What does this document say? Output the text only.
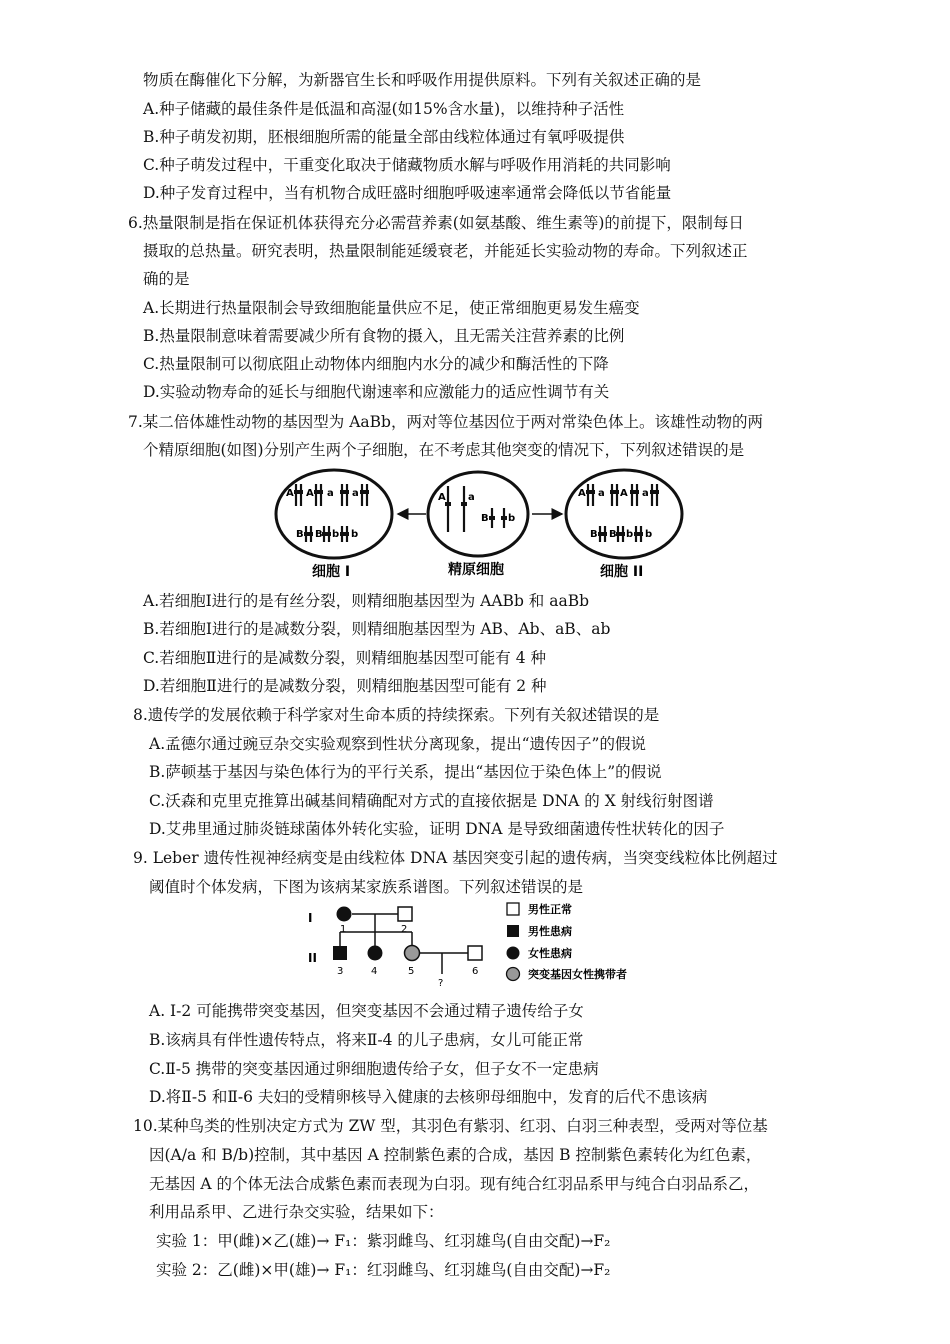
物质在酶催化下分解，为新器官生长和呼吸作用提供原料。下列有关叙述正确的是
A.种子储藏的最佳条件是低温和高湿(如15%含水量)，以维持种子活性
B.种子萌发初期，胚根细胞所需的能量全部由线粒体通过有氧呼吸提供
C.种子萌发过程中，干重变化取决于储藏物质水解与呼吸作用消耗的共同影响
D.种子发育过程中，当有机物合成旺盛时细胞呼吸速率通常会降低以节省能量
6.热量限制是指在保证机体获得充分必需营养素(如氨基酸、维生素等)的前提下，限制每日
摄取的总热量。研究表明，热量限制能延缓衰老，并能延长实验动物的寿命。下列叙述正
确的是
A.长期进行热量限制会导致细胞能量供应不足，使正常细胞更易发生癌变
B.热量限制意味着需要减少所有食物的摄入，且无需关注营养素的比例
C.热量限制可以彻底阻止动物体内细胞内水分的减少和酶活性的下降
D.实验动物寿命的延长与细胞代谢速率和应激能力的适应性调节有关
7.某二倍体雄性动物的基因型为 AaBb，两对等位基因位于两对常染色体上。该雄性动物的两
个精原细胞(如图)分别产生两个子细胞，在不考虑其他突变的情况下，下列叙述错误的是
A A a a
B B b b
A a
B b
A a A a
B B b b
细胞 I	精原细胞	细胞 II
A.若细胞Ⅰ进行的是有丝分裂，则精细胞基因型为 AABb 和 aaBb
B.若细胞Ⅰ进行的是减数分裂，则精细胞基因型为 AB、Ab、aB、ab
C.若细胞Ⅱ进行的是减数分裂，则精细胞基因型可能有 4 种
D.若细胞Ⅱ进行的是减数分裂，则精细胞基因型可能有 2 种
8.遗传学的发展依赖于科学家对生命本质的持续探索。下列有关叙述错误的是
A.孟德尔通过豌豆杂交实验观察到性状分离现象，提出“遗传因子”的假说
B.萨顿基于基因与染色体行为的平行关系，提出“基因位于染色体上”的假说
C.沃森和克里克推算出碱基间精确配对方式的直接依据是 DNA 的 X 射线衍射图谱
D.艾弗里通过肺炎链球菌体外转化实验，证明 DNA 是导致细菌遗传性状转化的因子
9. Leber 遗传性视神经病变是由线粒体 DNA 基因突变引起的遗传病，当突变线粒体比例超过
阈值时个体发病，下图为该病某家族系谱图。下列叙述错误的是
I
II
1	2
3	4	5	6
?
男性正常
男性患病
女性患病
突变基因女性携带者
A. I-2 可能携带突变基因，但突变基因不会通过精子遗传给子女
B.该病具有伴性遗传特点，将来Ⅱ-4 的儿子患病，女儿可能正常
C.Ⅱ-5 携带的突变基因通过卵细胞遗传给子女，但子女不一定患病
D.将Ⅱ-5 和Ⅱ-6 夫妇的受精卵核导入健康的去核卵母细胞中，发育的后代不患该病
10.某种鸟类的性别决定方式为 ZW 型，其羽色有紫羽、红羽、白羽三种表型，受两对等位基
因(A/a 和 B/b)控制，其中基因 A 控制紫色素的合成，基因 B 控制紫色素转化为红色素，
无基因 A 的个体无法合成紫色素而表现为白羽。现有纯合红羽品系甲与纯合白羽品系乙，
利用品系甲、乙进行杂交实验，结果如下：
实验 1：甲(雌)×乙(雄)→ F₁：紫羽雌鸟、红羽雄鸟(自由交配)→F₂
实验 2：乙(雌)×甲(雄)→ F₁：红羽雌鸟、红羽雄鸟(自由交配)→F₂
